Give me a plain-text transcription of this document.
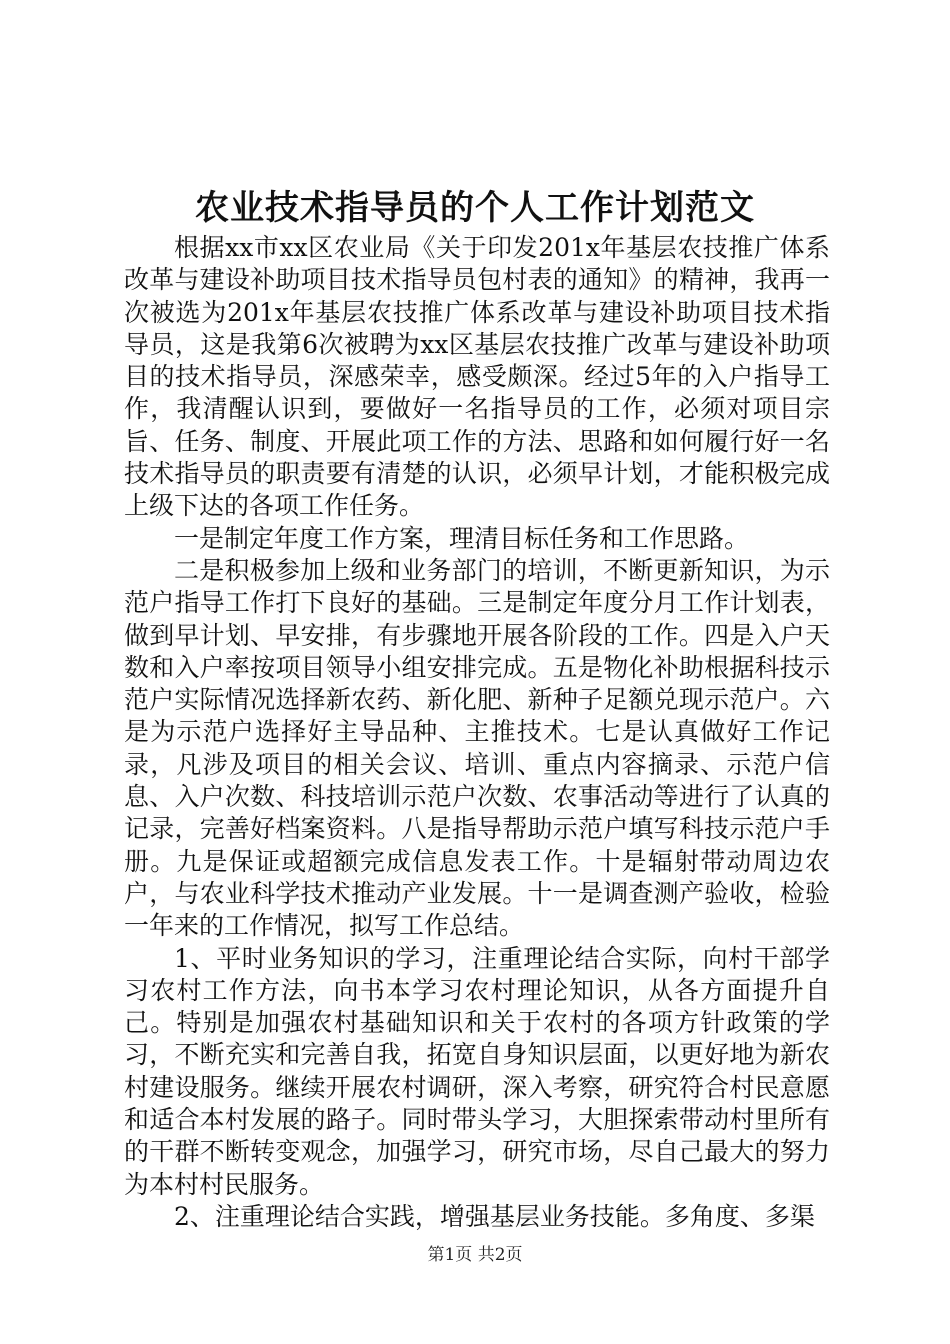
农业技术指导员的个人工作计划范文

根据xx市xx区农业局《关于印发201x年基层农技推广体系改革与建设补助项目技术指导员包村表的通知》的精神，我再一次被选为201x年基层农技推广体系改革与建设补助项目技术指导员，这是我第6次被聘为xx区基层农技推广改革与建设补助项目的技术指导员，深感荣幸，感受颇深。经过5年的入户指导工作，我清醒认识到，要做好一名指导员的工作，必须对项目宗旨、任务、制度、开展此项工作的方法、思路和如何履行好一名技术指导员的职责要有清楚的认识，必须早计划，才能积极完成上级下达的各项工作任务。

一是制定年度工作方案，理清目标任务和工作思路。

二是积极参加上级和业务部门的培训，不断更新知识，为示范户指导工作打下良好的基础。三是制定年度分月工作计划表，做到早计划、早安排，有步骤地开展各阶段的工作。四是入户天数和入户率按项目领导小组安排完成。五是物化补助根据科技示范户实际情况选择新农药、新化肥、新种子足额兑现示范户。六是为示范户选择好主导品种、主推技术。七是认真做好工作记录，凡涉及项目的相关会议、培训、重点内容摘录、示范户信息、入户次数、科技培训示范户次数、农事活动等进行了认真的记录，完善好档案资料。八是指导帮助示范户填写科技示范户手册。九是保证或超额完成信息发表工作。十是辐射带动周边农户，与农业科学技术推动产业发展。十一是调查测产验收，检验一年来的工作情况，拟写工作总结。

1、平时业务知识的学习，注重理论结合实际，向村干部学习农村工作方法，向书本学习农村理论知识，从各方面提升自己。特别是加强农村基础知识和关于农村的各项方针政策的学习，不断充实和完善自我，拓宽自身知识层面，以更好地为新农村建设服务。继续开展农村调研，深入考察，研究符合村民意愿和适合本村发展的路子。同时带头学习，大胆探索带动村里所有的干群不断转变观念，加强学习，研究市场，尽自己最大的努力为本村村民服务。

2、注重理论结合实践，增强基层业务技能。多角度、多渠

第1页 共2页
